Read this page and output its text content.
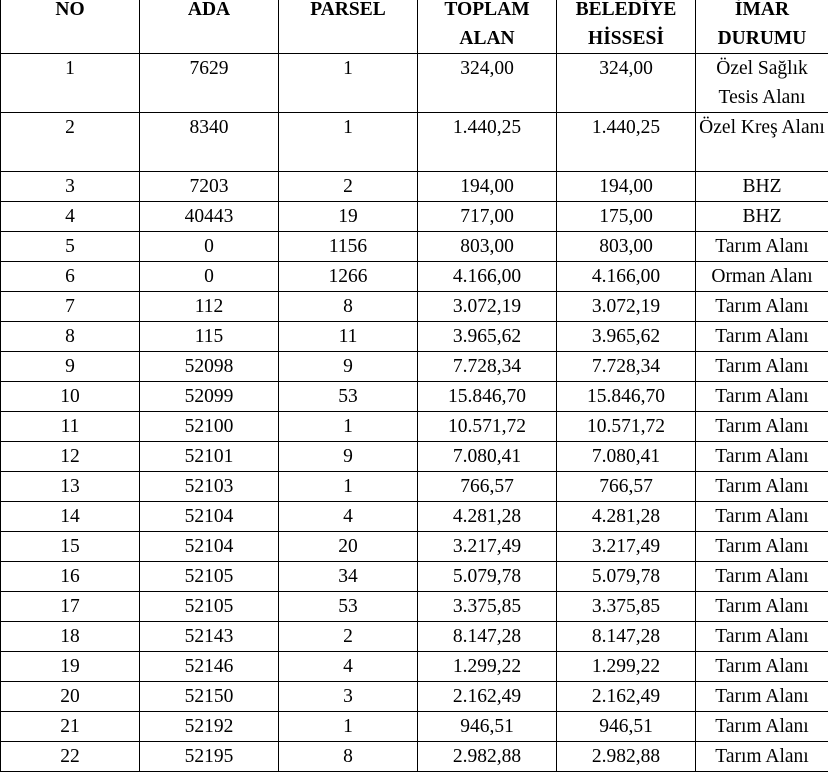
NO	ADA	PARSEL	TOPLAM ALAN	BELEDİYE HİSSESİ	İMAR DURUMU
1	7629	1	324,00	324,00	Özel Sağlık Tesis Alanı
2	8340	1	1.440,25	1.440,25	Özel Kreş Alanı
3	7203	2	194,00	194,00	BHZ
4	40443	19	717,00	175,00	BHZ
5	0	1156	803,00	803,00	Tarım Alanı
6	0	1266	4.166,00	4.166,00	Orman Alanı
7	112	8	3.072,19	3.072,19	Tarım Alanı
8	115	11	3.965,62	3.965,62	Tarım Alanı
9	52098	9	7.728,34	7.728,34	Tarım Alanı
10	52099	53	15.846,70	15.846,70	Tarım Alanı
11	52100	1	10.571,72	10.571,72	Tarım Alanı
12	52101	9	7.080,41	7.080,41	Tarım Alanı
13	52103	1	766,57	766,57	Tarım Alanı
14	52104	4	4.281,28	4.281,28	Tarım Alanı
15	52104	20	3.217,49	3.217,49	Tarım Alanı
16	52105	34	5.079,78	5.079,78	Tarım Alanı
17	52105	53	3.375,85	3.375,85	Tarım Alanı
18	52143	2	8.147,28	8.147,28	Tarım Alanı
19	52146	4	1.299,22	1.299,22	Tarım Alanı
20	52150	3	2.162,49	2.162,49	Tarım Alanı
21	52192	1	946,51	946,51	Tarım Alanı
22	52195	8	2.982,88	2.982,88	Tarım Alanı
